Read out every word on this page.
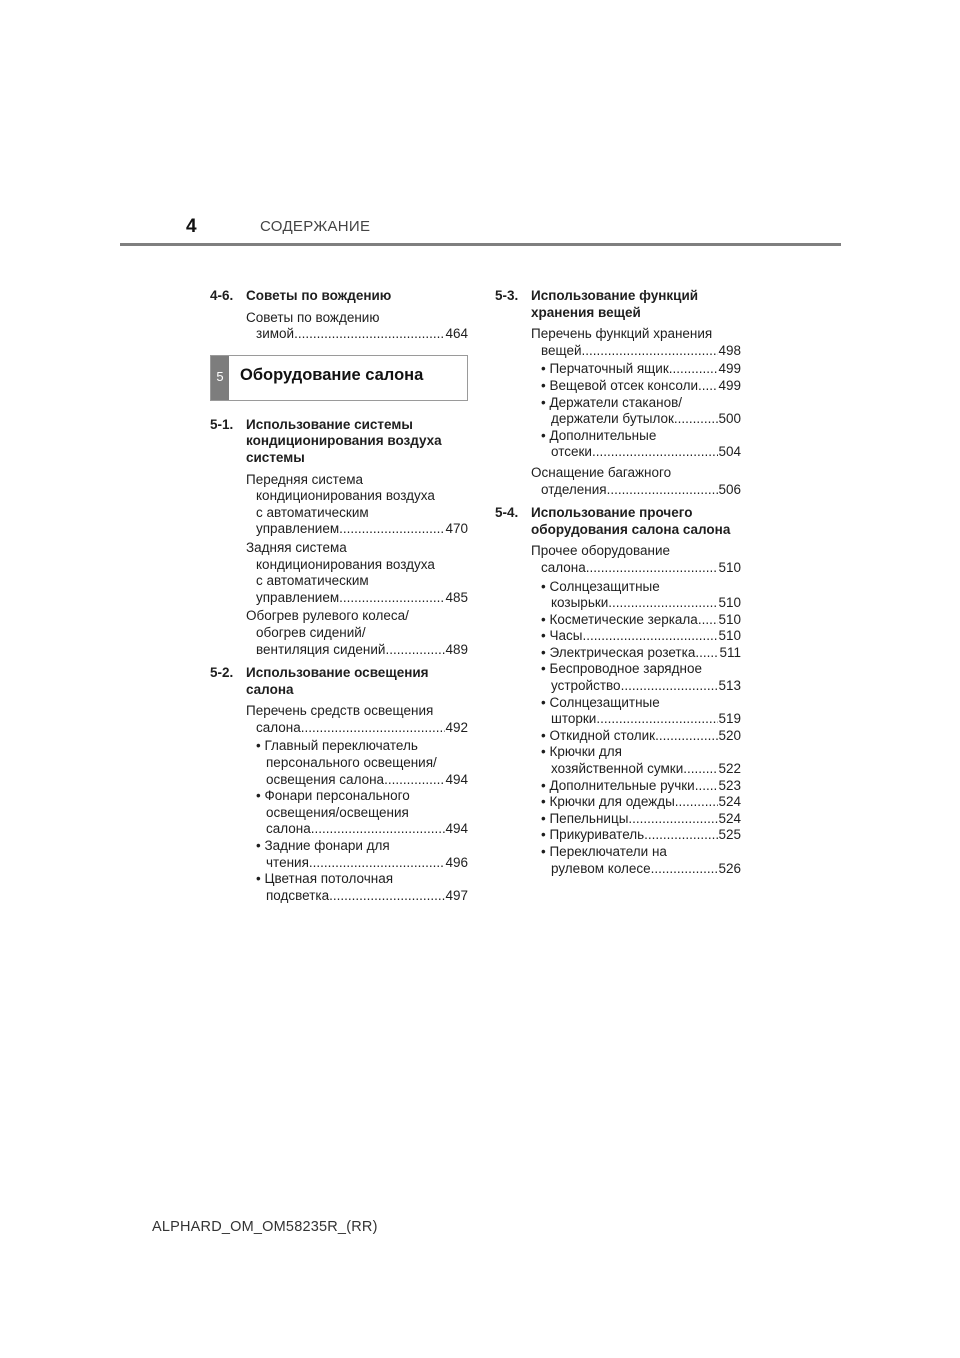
4	СОДЕРЖАНИЕ
4-6. Советы по вождению
Советы по вождению
зимой .....	464
5 Оборудование салона
5-1. Использование системы
кондиционирования воздуха
системы
Передняя система
кондиционирования воздуха
с автоматическим
управлением .....	470
Задняя система
кондиционирования воздуха
с автоматическим
управлением .....	485
Обогрев рулевого колеса/
обогрев сидений/
вентиляция сидений .....	489
5-2. Использование освещения
салона
Перечень средств освещения
салона .....	492
• Главный переключатель
персонального освещения/
освещения салона .....	494
• Фонари персонального
освещения/освещения
салона .....	494
• Задние фонари для
чтения .....	496
• Цветная потолочная
подсветка .....	497
5-3. Использование функций
хранения вещей
Перечень функций хранения
вещей .....	498
• Перчаточный ящик .....	499
• Вещевой отсек консоли ..... 499
• Держатели стаканов/
держатели бутылок .....	500
• Дополнительные
отсеки .....	504
Оснащение багажного
отделения .....	506
5-4. Использование прочего
оборудования салона салона
Прочее оборудование
салона .....	510
• Солнцезащитные
козырьки .....	510
• Косметические зеркала ..... 510
• Часы .....	510
• Электрическая розетка ..... 511
• Беспроводное зарядное
устройство .....	513
• Солнцезащитные
шторки .....	519
• Откидной столик .....	520
• Крючки для
хозяйственной сумки .....	522
• Дополнительные ручки ..... 523
• Крючки для одежды .....	524
• Пепельницы .....	524
• Прикуриватель .....	525
• Переключатели на
рулевом колесе .....	526
ALPHARD_OM_OM58235R_(RR)
